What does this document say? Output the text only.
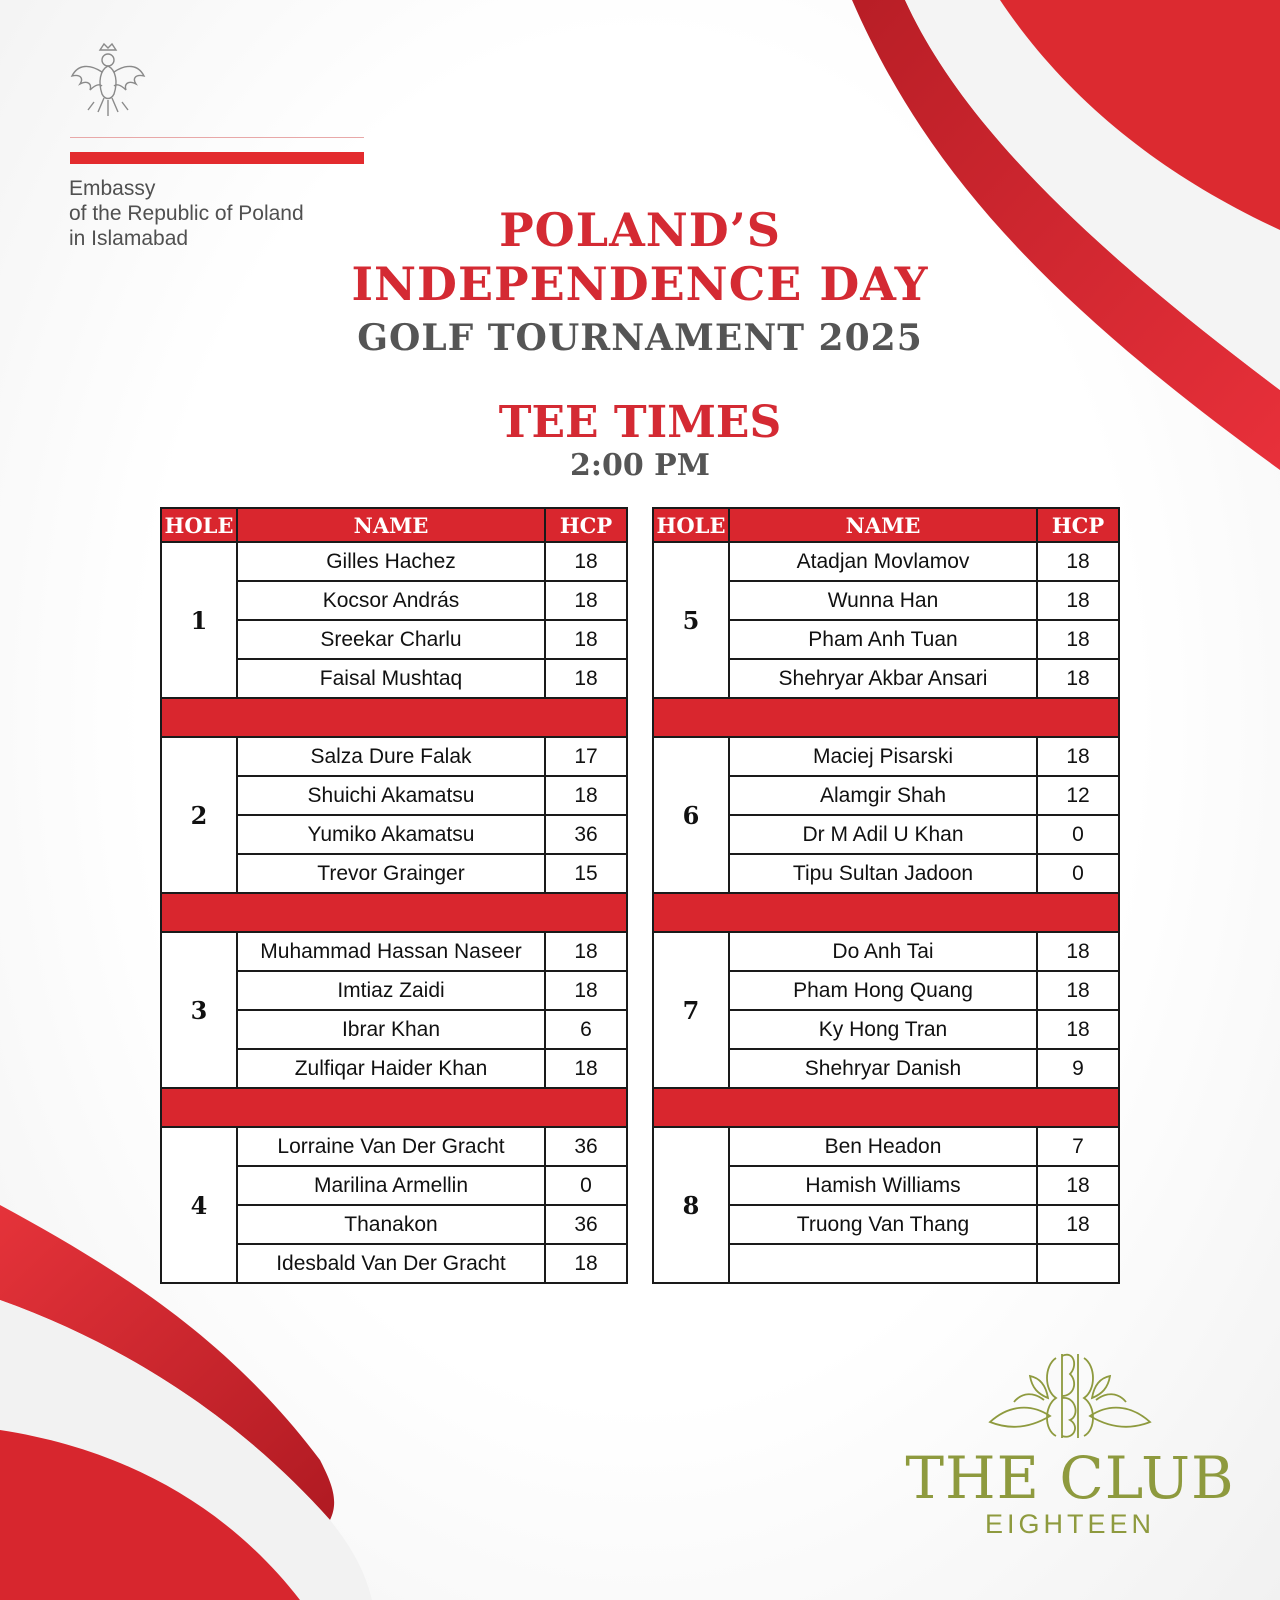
Embassy
of the Republic of Poland
in Islamabad	POLAND’S
INDEPENDENCE DAY
GOLF TOURNAMENT 2025
TEE TIMES
2:00 PM
HOLE	NAME	HCP
1	Gilles Hachez	18
	Kocsor András	18
	Sreekar Charlu	18
	Faisal Mushtaq	18

2	Salza Dure Falak	17
	Shuichi Akamatsu	18
	Yumiko Akamatsu	36
	Trevor Grainger	15

3	Muhammad Hassan Naseer	18
	Imtiaz Zaidi	18
	Ibrar Khan	6
	Zulfiqar Haider Khan	18

4	Lorraine Van Der Gracht	36
	Marilina Armellin	0
	Thanakon	36
	Idesbald Van Der Gracht	18
HOLE	NAME	HCP
5	Atadjan Movlamov	18
	Wunna Han	18
	Pham Anh Tuan	18
	Shehryar Akbar Ansari	18

6	Maciej Pisarski	18
	Alamgir Shah	12
	Dr M Adil U Khan	0
	Tipu Sultan Jadoon	0

7	Do Anh Tai	18
	Pham Hong Quang	18
	Ky Hong Tran	18
	Shehryar Danish	9

8	Ben Headon	7
	Hamish Williams	18
	Truong Van Thang	18

THE CLUB
EIGHTEEN
